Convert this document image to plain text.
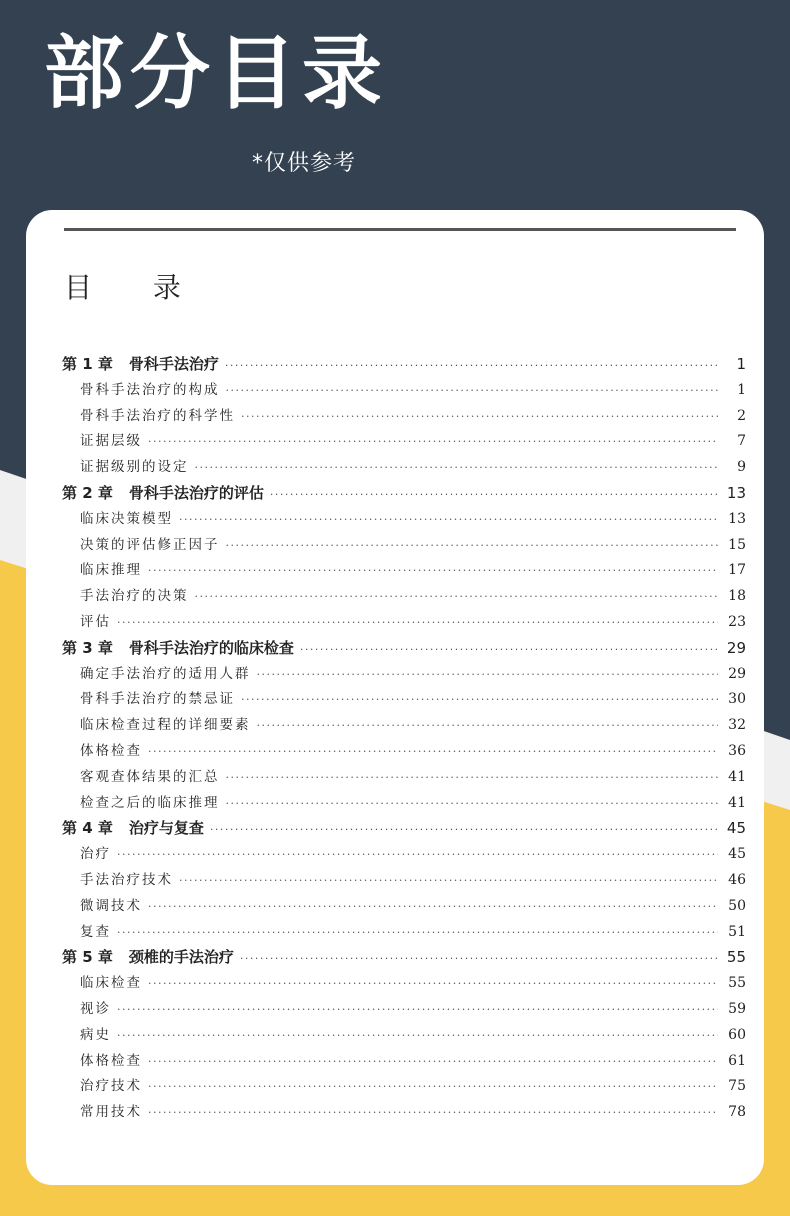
部分目录
*仅供参考
目 录
第 1 章 骨科手法治疗 ·····	1
骨科手法治疗的构成 ·····	1
骨科手法治疗的科学性 ·····	2
证据层级 ·····	7
证据级别的设定 ·····	9
第 2 章 骨科手法治疗的评估 ·····	13
临床决策模型 ·····	13
决策的评估修正因子 ·····	15
临床推理 ·····	17
手法治疗的决策 ·····	18
评估 ·····	23
第 3 章 骨科手法治疗的临床检查 ·····	29
确定手法治疗的适用人群 ·····	29
骨科手法治疗的禁忌证 ·····	30
临床检查过程的详细要素 ·····	32
体格检查 ·····	36
客观查体结果的汇总 ·····	41
检查之后的临床推理 ·····	41
第 4 章 治疗与复查 ·····	45
治疗 ·····	45
手法治疗技术 ·····	46
微调技术 ·····	50
复查 ·····	51
第 5 章 颈椎的手法治疗 ·····	55
临床检查 ·····	55
视诊 ·····	59
病史 ·····	60
体格检查 ·····	61
治疗技术 ·····	75
常用技术 ·····	78
